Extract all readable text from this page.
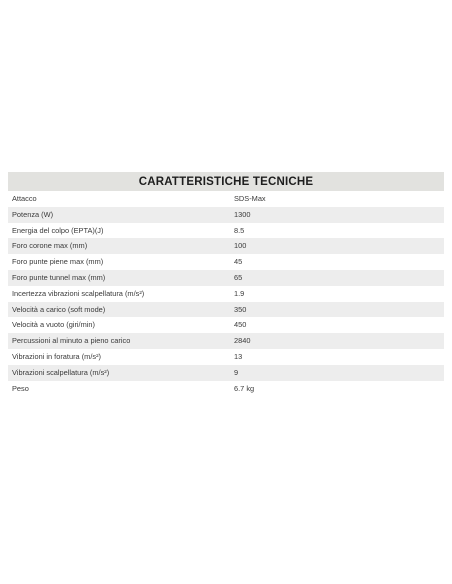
CARATTERISTICHE TECNICHE	
Attacco	SDS-Max
Potenza (W)	1300
Energia del colpo (EPTA)(J)	8.5
Foro corone max (mm)	100
Foro punte piene max (mm)	45
Foro punte tunnel max (mm)	65
Incertezza vibrazioni scalpellatura (m/s²)	1.9
Velocità a carico (soft mode)	350
Velocità a vuoto (giri/min)	450
Percussioni al minuto a pieno carico	2840
Vibrazioni in foratura (m/s²)	13
Vibrazioni scalpellatura (m/s²)	9
Peso	6.7 kg
